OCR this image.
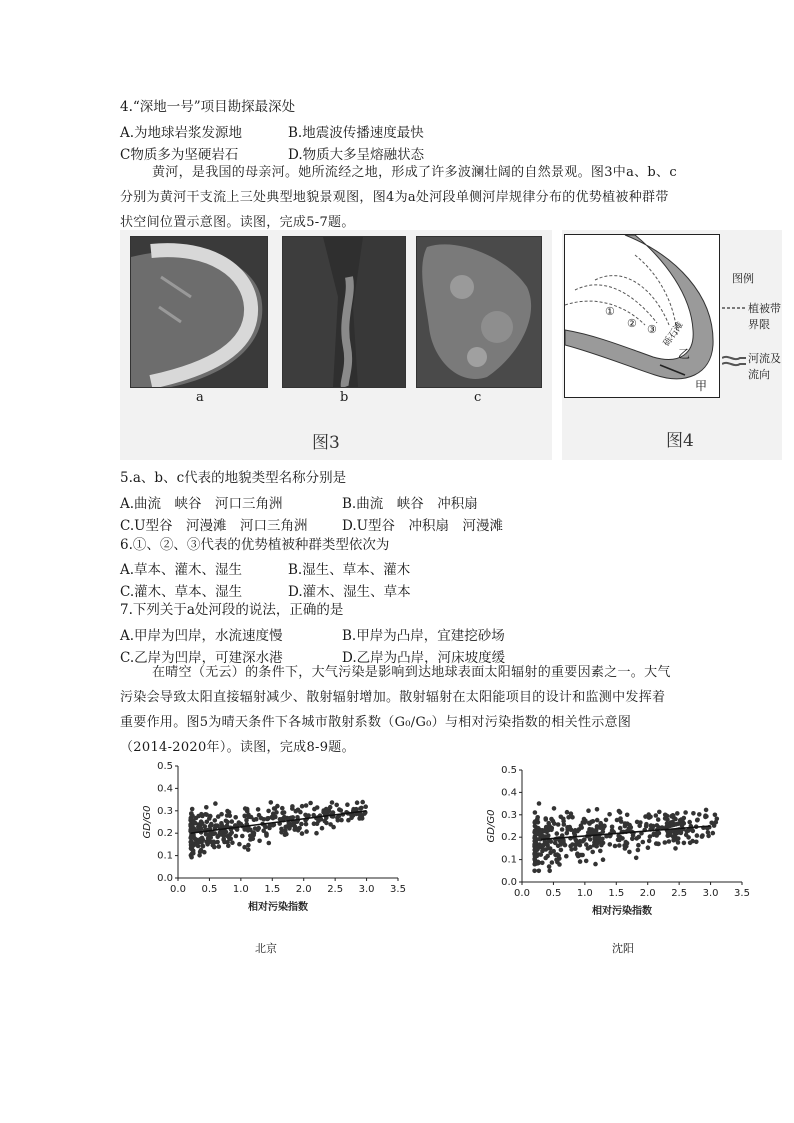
4.“深地一号”项目勘探最深处
A.为地球岩浆发源地	B.地震波传播速度最快
C物质多为坚硬岩石	D.物质大多呈熔融状态
黄河，是我国的母亲河。她所流经之地，形成了许多波澜壮阔的自然景观。图3中a、b、c分别为黄河干支流上三处典型地貌景观图，图4为a处河段单侧河岸规律分布的优势植被种群带状空间位置示意图。读图，完成5-7题。
a	b	c
图3
①
② ③ 砾石滩
乙
甲
图例
植被带
界限
河流及
流向
图4
5.a、b、c代表的地貌类型名称分别是
A.曲流　峡谷　河口三角洲	B.曲流　峡谷　冲积扇
C.U型谷　河漫滩　河口三角洲	D.U型谷　冲积扇　河漫滩
6.①、②、③代表的优势植被种群类型依次为
A.草本、灌木、湿生	B.湿生、草本、灌木
C.灌木、草本、湿生	D.灌木、湿生、草本
7.下列关于a处河段的说法，正确的是
A.甲岸为凹岸，水流速度慢	B.甲岸为凸岸，宜建挖砂场
C.乙岸为凹岸，可建深水港	D.乙岸为凸岸，河床坡度缓
在晴空（无云）的条件下，大气污染是影响到达地球表面太阳辐射的重要因素之一。大气污染会导致太阳直接辐射减少、散射辐射增加。散射辐射在太阳能项目的设计和监测中发挥着重要作用。图5为晴天条件下各城市散射系数（G₀/G₀）与相对污染指数的相关性示意图（2014-2020年）。读图，完成8-9题。
0.0 0.5 1.0 1.5 2.0 2.5 3.0 3.5
0.0
0.1
0.2
0.3
0.4
0.5
相对污染指数
GD/G0
北京
0.0 0.5 1.0 1.5 2.0 2.5 3.0 3.5
0.0
0.1
0.2
0.3
0.4
0.5
相对污染指数
GD/G0
沈阳
